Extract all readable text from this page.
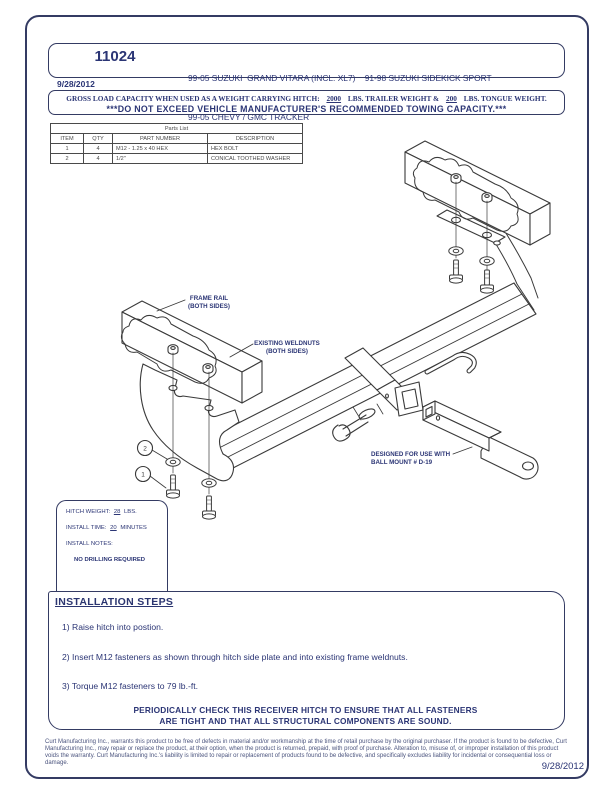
11024

99-05 SUZUKI  GRAND VITARA (INCL. XL7)    91-98 SUZUKI SIDEKICK SPORT

99-05 CHEVY / GMC TRACKER

9/28/2012
GROSS LOAD CAPACITY WHEN USED AS A WEIGHT CARRYING HITCH: 2000 LBS. TRAILER WEIGHT & 200 LBS. TONGUE WEIGHT.
***DO NOT EXCEED VEHICLE MANUFACTURER'S RECOMMENDED TOWING CAPACITY.***
Parts List			
ITEM	QTY	PART NUMBER	DESCRIPTION
1	4	M12 - 1.25 x 40 HEX	HEX BOLT
2	4	1/2"	CONICAL TOOTHED WASHER
2
1
FRAME RAIL
(BOTH SIDES)
EXISTING WELDNUTS
(BOTH SIDES)
DESIGNED FOR USE WITH
BALL MOUNT # D-19
HITCH WEIGHT: 28 LBS.
INSTALL TIME: 20 MINUTES
INSTALL NOTES:
NO DRILLING REQUIRED
INSTALLATION STEPS
1) Raise hitch into postion.
2) Insert M12 fasteners as shown through hitch side plate and into existing frame weldnuts.
3) Torque M12 fasteners to 79 lb.-ft.
PERIODICALLY CHECK THIS RECEIVER HITCH TO ENSURE THAT ALL FASTENERS
ARE TIGHT AND THAT ALL STRUCTURAL COMPONENTS ARE SOUND.
Curt Manufacturing Inc., warrants this product to be free of defects in material and/or workmanship at the time of retail purchase by the original purchaser. If the product is found to be defective, Curt Manufacturing Inc., may repair or replace the product, at their option, when the product is returned, prepaid, with proof of purchase. Alteration to, misuse of, or improper installation of this product voids the warranty. Curt Manufacturing Inc.'s liability is limited to repair or replacement of products found to be defective, and specifically excludes liability for incidental or consequential loss or damage.	9/28/2012
